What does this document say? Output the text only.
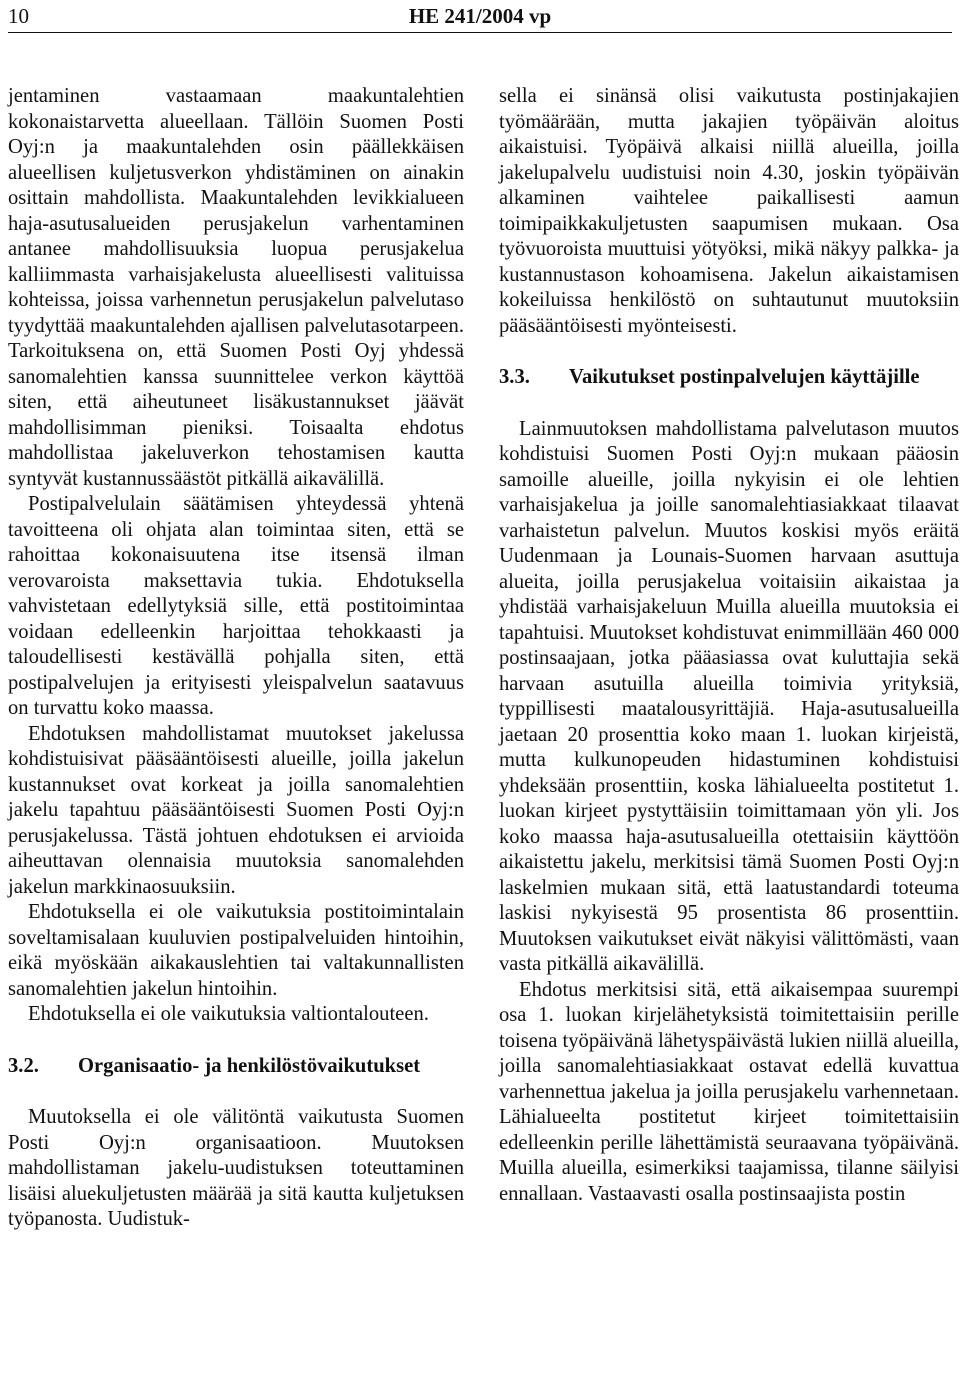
10	HE 241/2004 vp

jentaminen vastaamaan maakuntalehtien kokonaistarvetta alueellaan. Tällöin Suomen Posti Oyj:n ja maakuntalehden osin päällekkäisen alueellisen kuljetusverkon yhdistäminen on ainakin osittain mahdollista. Maakuntalehden levikkialueen haja-asutusalueiden perusjakelun varhentaminen antanee mahdollisuuksia luopua perusjakelua kalliimmasta varhaisjakelusta alueellisesti valituissa kohteissa, joissa varhennetun perusjakelun palvelutaso tyydyttää maakuntalehden ajallisen palvelutasotarpeen. Tarkoituksena on, että Suomen Posti Oyj yhdessä sanomalehtien kanssa suunnittelee verkon käyttöä siten, että aiheutuneet lisäkustannukset jäävät mahdollisimman pieniksi. Toisaalta ehdotus mahdollistaa jakeluverkon tehostamisen kautta syntyvät kustannussäästöt pitkällä aikavälillä.

Postipalvelulain säätämisen yhteydessä yhtenä tavoitteena oli ohjata alan toimintaa siten, että se rahoittaa kokonaisuutena itse itsensä ilman verovaroista maksettavia tukia. Ehdotuksella vahvistetaan edellytyksiä sille, että postitoimintaa voidaan edelleenkin harjoittaa tehokkaasti ja taloudellisesti kestävällä pohjalla siten, että postipalvelujen ja erityisesti yleispalvelun saatavuus on turvattu koko maassa.

Ehdotuksen mahdollistamat muutokset jakelussa kohdistuisivat pääsääntöisesti alueille, joilla jakelun kustannukset ovat korkeat ja joilla sanomalehtien jakelu tapahtuu pääsääntöisesti Suomen Posti Oyj:n perusjakelussa. Tästä johtuen ehdotuksen ei arvioida aiheuttavan olennaisia muutoksia sanomalehden jakelun markkinaosuuksiin.

Ehdotuksella ei ole vaikutuksia postitoimintalain soveltamisalaan kuuluvien postipalveluiden hintoihin, eikä myöskään aikakauslehtien tai valtakunnallisten sanomalehtien jakelun hintoihin.

Ehdotuksella ei ole vaikutuksia valtiontalouteen.

3.2.	Organisaatio- ja henkilöstövaikutukset

Muutoksella ei ole välitöntä vaikutusta Suomen Posti Oyj:n organisaatioon. Muutoksen mahdollistaman jakelu-uudistuksen toteuttaminen lisäisi aluekuljetusten määrää ja sitä kautta kuljetuksen työpanosta. Uudistuk-

sella ei sinänsä olisi vaikutusta postinjakajien työmäärään, mutta jakajien työpäivän aloitus aikaistuisi. Työpäivä alkaisi niillä alueilla, joilla jakelupalvelu uudistuisi noin 4.30, joskin työpäivän alkaminen vaihtelee paikallisesti aamun toimipaikkakuljetusten saapumisen mukaan. Osa työvuoroista muuttuisi yötyöksi, mikä näkyy palkka- ja kustannustason kohoamisena. Jakelun aikaistamisen kokeiluissa henkilöstö on suhtautunut muutoksiin pääsääntöisesti myönteisesti.

3.3.	Vaikutukset postinpalvelujen käyttäjille

Lainmuutoksen mahdollistama palvelutason muutos kohdistuisi Suomen Posti Oyj:n mukaan pääosin samoille alueille, joilla nykyisin ei ole lehtien varhaisjakelua ja joille sanomalehtiasiakkaat tilaavat varhaistetun palvelun. Muutos koskisi myös eräitä Uudenmaan ja Lounais-Suomen harvaan asuttuja alueita, joilla perusjakelua voitaisiin aikaistaa ja yhdistää varhaisjakeluun Muilla alueilla muutoksia ei tapahtuisi. Muutokset kohdistuvat enimmillään 460 000 postinsaajaan, jotka pääasiassa ovat kuluttajia sekä harvaan asutuilla alueilla toimivia yrityksiä, typpillisesti maatalousyrittäjiä. Haja-asutusalueilla jaetaan 20 prosenttia koko maan 1. luokan kirjeistä, mutta kulkunopeuden hidastuminen kohdistuisi yhdeksään prosenttiin, koska lähialueelta postitetut 1. luokan kirjeet pystyttäisiin toimittamaan yön yli. Jos koko maassa haja-asutusalueilla otettaisiin käyttöön aikaistettu jakelu, merkitsisi tämä Suomen Posti Oyj:n laskelmien mukaan sitä, että laatustandardi toteuma laskisi nykyisestä 95 prosentista 86 prosenttiin. Muutoksen vaikutukset eivät näkyisi välittömästi, vaan vasta pitkällä aikavälillä.

Ehdotus merkitsisi sitä, että aikaisempaa suurempi osa 1. luokan kirjelähetyksistä toimitettaisiin perille toisena työpäivänä lähetyspäivästä lukien niillä alueilla, joilla sanomalehtiasiakkaat ostavat edellä kuvattua varhennettua jakelua ja joilla perusjakelu varhennetaan. Lähialueelta postitetut kirjeet toimitettaisiin edelleenkin perille lähettämistä seuraavana työpäivänä. Muilla alueilla, esimerkiksi taajamissa, tilanne säilyisi ennallaan. Vastaavasti osalla postinsaajista postin
